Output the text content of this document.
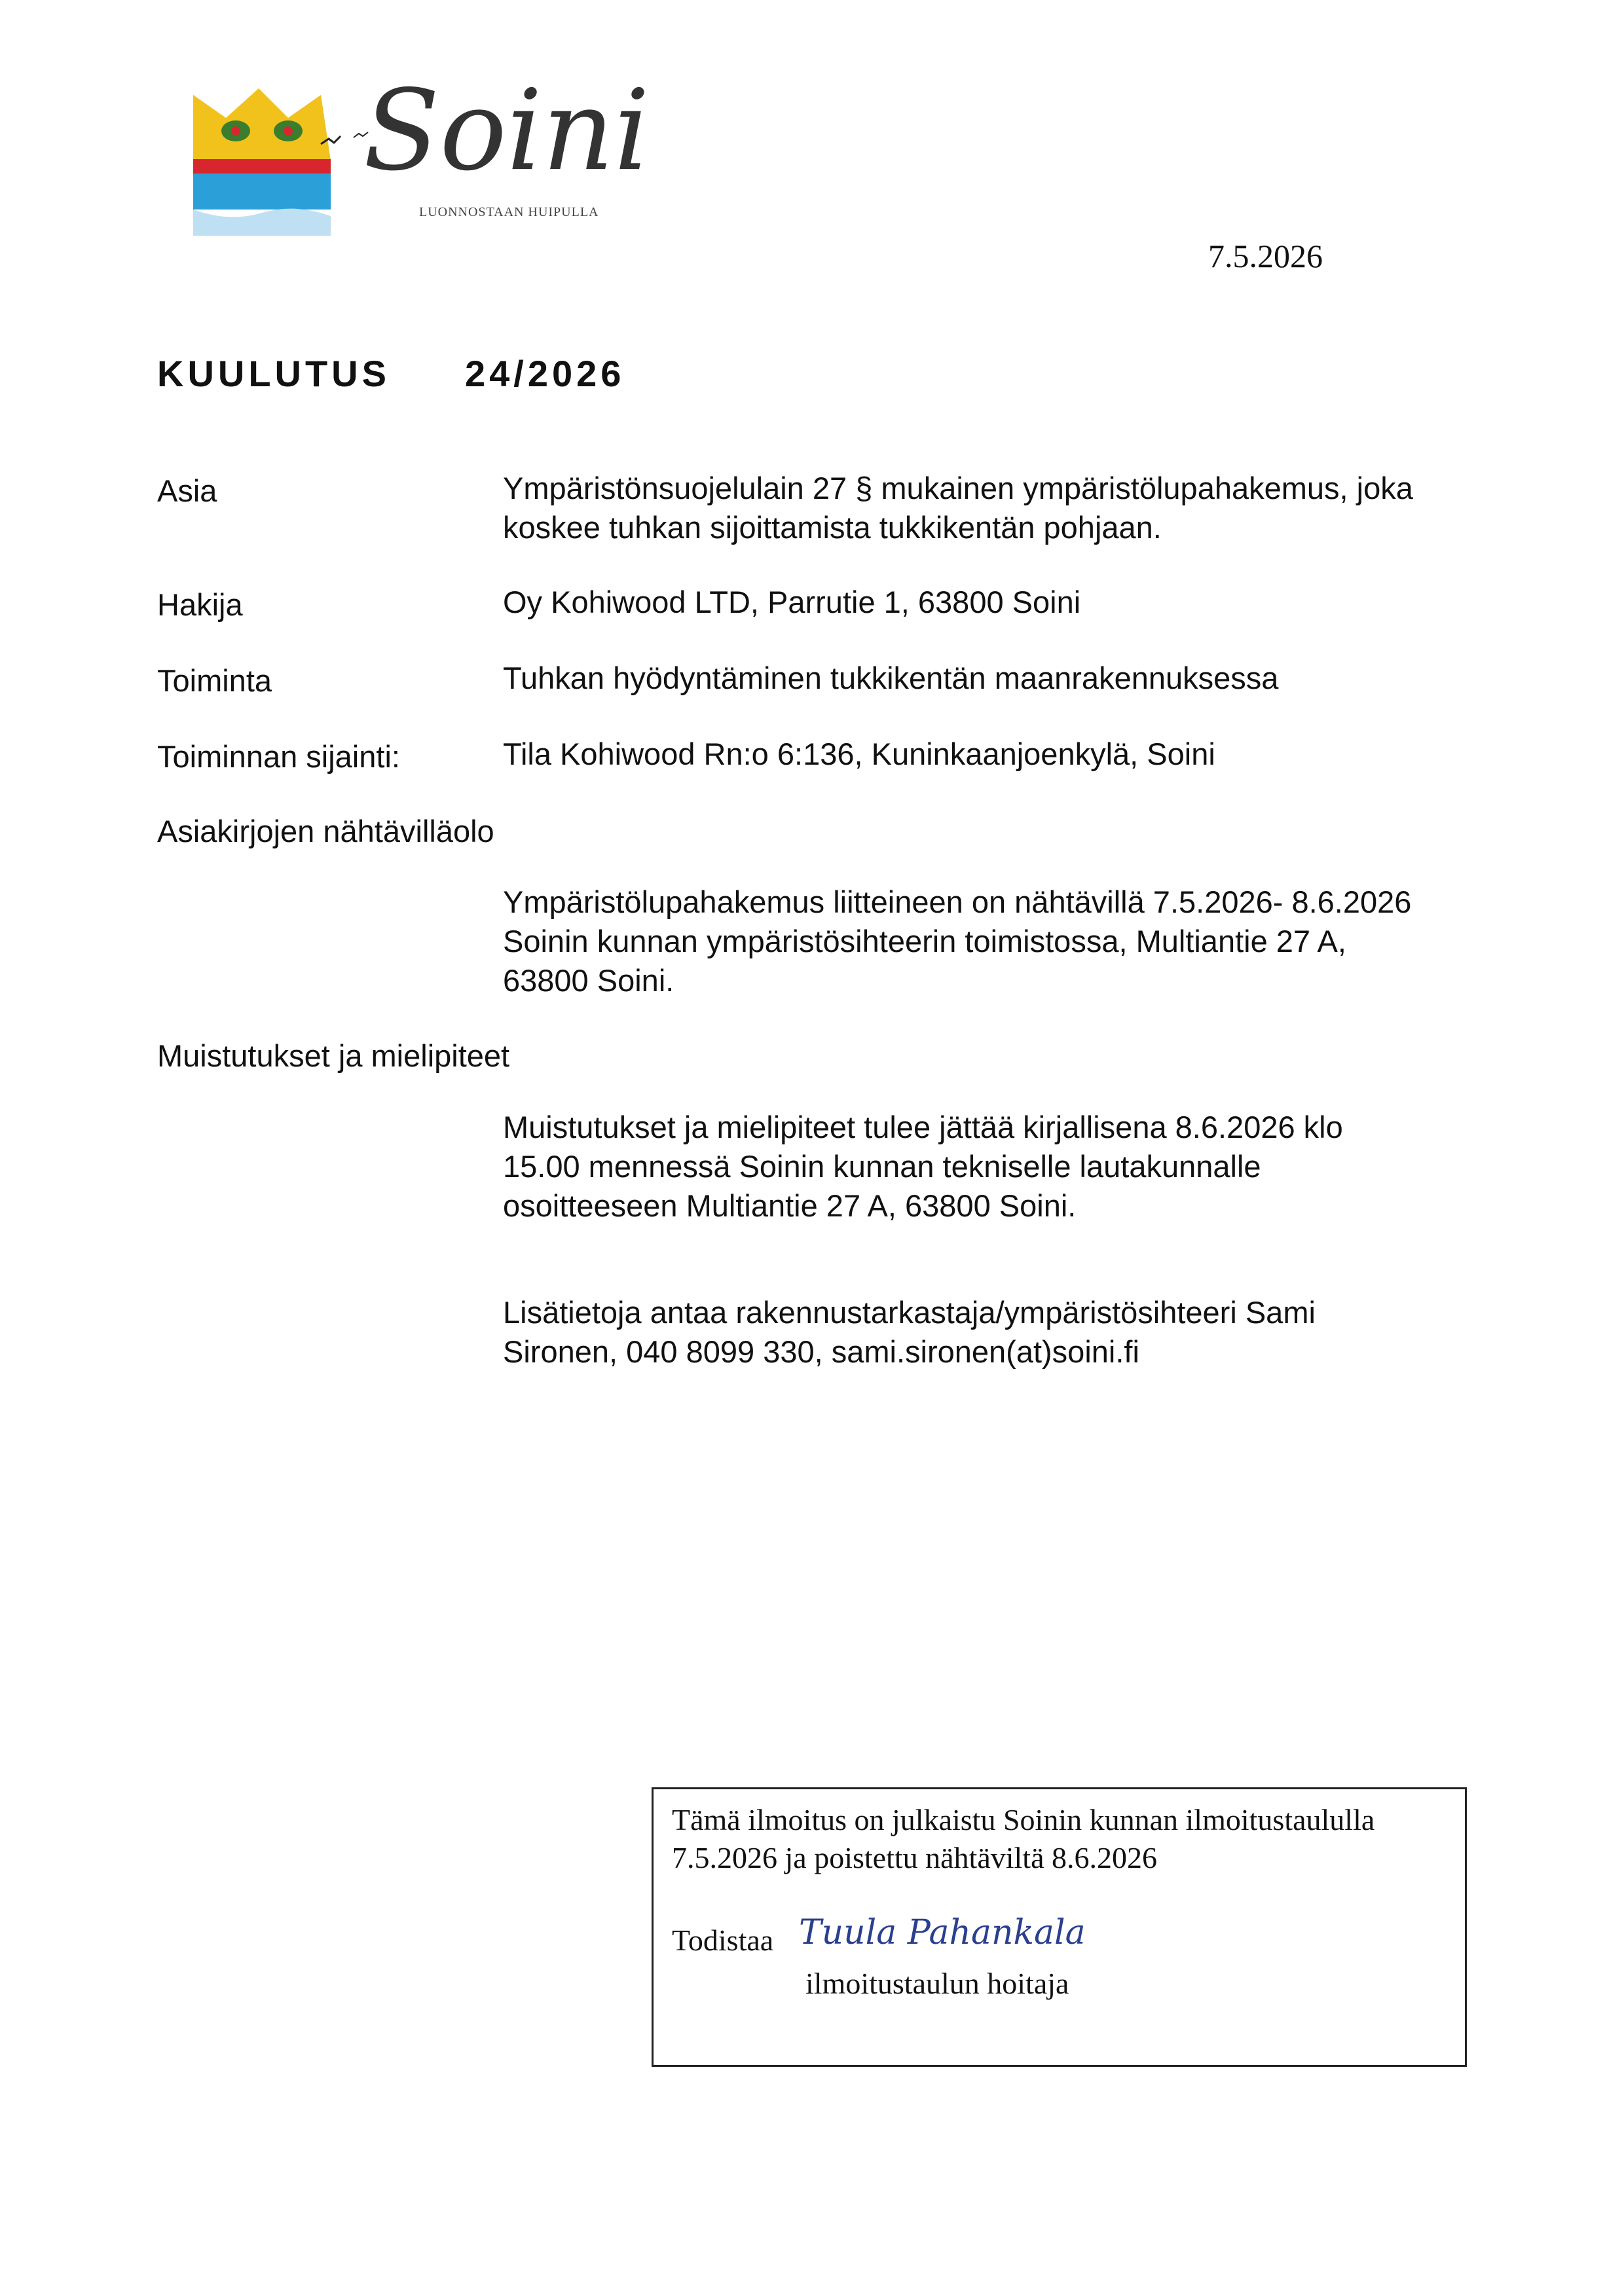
Soini
LUONNOSTAAN HUIPULLA
7.5.2026
KUULUTUS 24/2026
Asia	Ympäristönsuojelulain 27 § mukainen ympäristölupahakemus, joka
koskee tuhkan sijoittamista tukkikentän pohjaan.
Hakija	Oy Kohiwood LTD, Parrutie 1, 63800 Soini
Toiminta	Tuhkan hyödyntäminen tukkikentän maanrakennuksessa
Toiminnan sijainti:	Tila Kohiwood Rn:o 6:136, Kuninkaanjoenkylä, Soini
Asiakirjojen nähtävilläolo
Ympäristölupahakemus liitteineen on nähtävillä 7.5.2026- 8.6.2026
Soinin kunnan ympäristösihteerin toimistossa, Multiantie 27 A,
63800 Soini.
Muistutukset ja mielipiteet
Muistutukset ja mielipiteet tulee jättää kirjallisena 8.6.2026 klo
15.00 mennessä Soinin kunnan tekniselle lautakunnalle
osoitteeseen Multiantie 27 A, 63800 Soini.
Lisätietoja antaa rakennustarkastaja/ympäristösihteeri Sami
Sironen, 040 8099 330, sami.sironen(at)soini.fi
Tämä ilmoitus on julkaistu Soinin kunnan ilmoitustaululla
7.5.2026 ja poistettu nähtäviltä 8.6.2026
Todistaa Tuula Pahankala
ilmoitustaulun hoitaja
